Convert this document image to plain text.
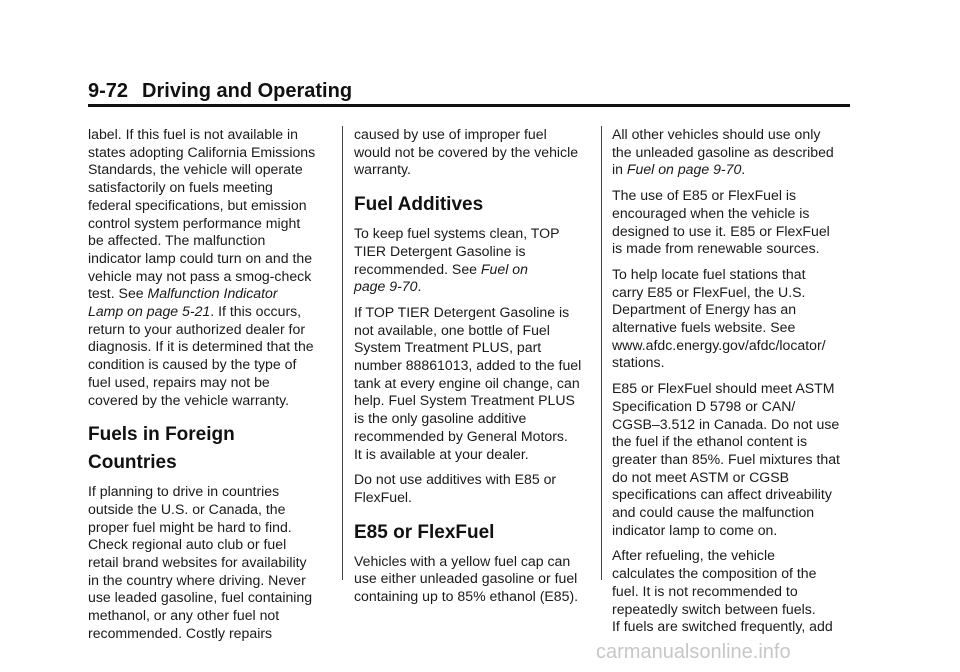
9-72 Driving and Operating
label. If this fuel is not available in
states adopting California Emissions
Standards, the vehicle will operate
satisfactorily on fuels meeting
federal specifications, but emission
control system performance might
be affected. The malfunction
indicator lamp could turn on and the
vehicle may not pass a smog-check
test. See Malfunction Indicator
Lamp on page 5-21. If this occurs,
return to your authorized dealer for
diagnosis. If it is determined that the
condition is caused by the type of
fuel used, repairs may not be
covered by the vehicle warranty.
Fuels in Foreign
Countries
If planning to drive in countries
outside the U.S. or Canada, the
proper fuel might be hard to find.
Check regional auto club or fuel
retail brand websites for availability
in the country where driving. Never
use leaded gasoline, fuel containing
methanol, or any other fuel not
recommended. Costly repairs
caused by use of improper fuel
would not be covered by the vehicle
warranty.
Fuel Additives
To keep fuel systems clean, TOP
TIER Detergent Gasoline is
recommended. See Fuel on
page 9-70.
If TOP TIER Detergent Gasoline is
not available, one bottle of Fuel
System Treatment PLUS, part
number 88861013, added to the fuel
tank at every engine oil change, can
help. Fuel System Treatment PLUS
is the only gasoline additive
recommended by General Motors.
It is available at your dealer.
Do not use additives with E85 or
FlexFuel.
E85 or FlexFuel
Vehicles with a yellow fuel cap can
use either unleaded gasoline or fuel
containing up to 85% ethanol (E85).
All other vehicles should use only
the unleaded gasoline as described
in Fuel on page 9-70.
The use of E85 or FlexFuel is
encouraged when the vehicle is
designed to use it. E85 or FlexFuel
is made from renewable sources.
To help locate fuel stations that
carry E85 or FlexFuel, the U.S.
Department of Energy has an
alternative fuels website. See
www.afdc.energy.gov/afdc/locator/
stations.
E85 or FlexFuel should meet ASTM
Specification D 5798 or CAN/
CGSB–3.512 in Canada. Do not use
the fuel if the ethanol content is
greater than 85%. Fuel mixtures that
do not meet ASTM or CGSB
specifications can affect driveability
and could cause the malfunction
indicator lamp to come on.
After refueling, the vehicle
calculates the composition of the
fuel. It is not recommended to
repeatedly switch between fuels.
If fuels are switched frequently, add
carmanualsonline.info
